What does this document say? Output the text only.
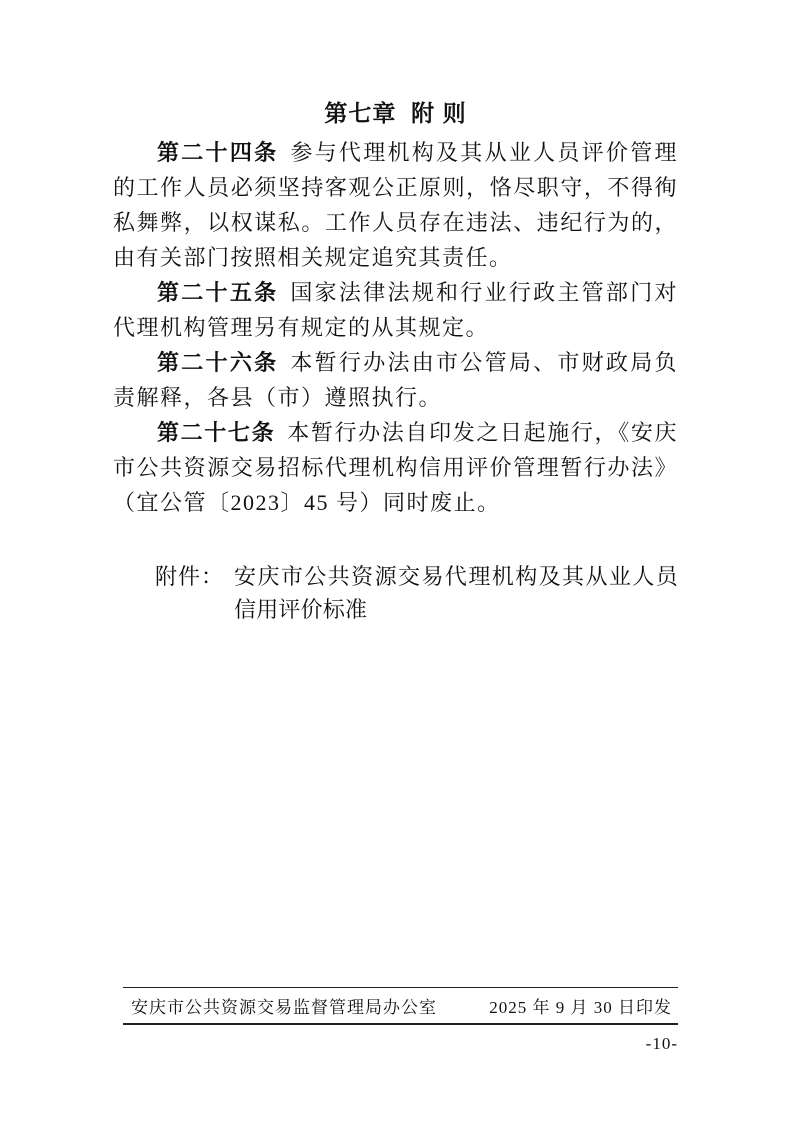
第七章  附 则

第二十四条 参与代理机构及其从业人员评价管理的工作人员必须坚持客观公正原则，恪尽职守，不得徇私舞弊，以权谋私。工作人员存在违法、违纪行为的，由有关部门按照相关规定追究其责任。

第二十五条 国家法律法规和行业行政主管部门对代理机构管理另有规定的从其规定。

第二十六条 本暂行办法由市公管局、市财政局负责解释，各县（市）遵照执行。

第二十七条 本暂行办法自印发之日起施行，《安庆市公共资源交易招标代理机构信用评价管理暂行办法》（宜公管〔2023〕45 号）同时废止。

附件： 安庆市公共资源交易代理机构及其从业人员信用评价标准
安庆市公共资源交易监督管理局办公室	2025 年 9 月 30 日印发
-10-
